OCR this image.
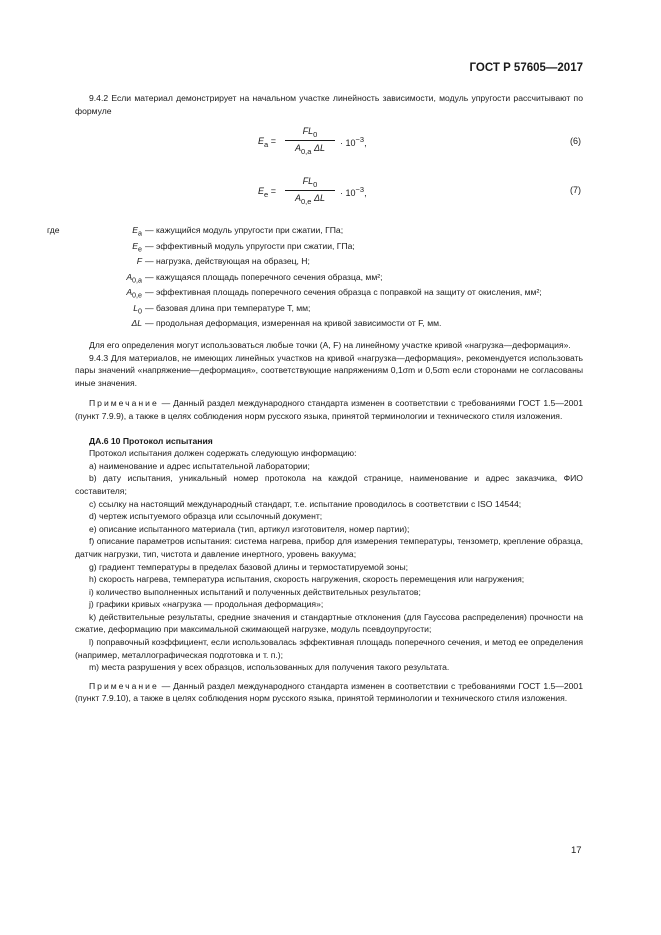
ГОСТ Р 57605—2017

9.4.2 Если материал демонстрирует на начальном участке линейность зависимости, модуль упругости рассчитывают по формуле

$E_a = \frac{FL_0}{A_{0,a} \Delta L} \cdot 10^{-3}$,	(6)
$E_e = \frac{FL_0}{A_{0,e} \Delta L} \cdot 10^{-3}$,	(7)
где	$E_a$ — кажущийся модуль упругости при сжатии, ГПа;
$E_e$ — эффективный модуль упругости при сжатии, ГПа;
F — нагрузка, действующая на образец, Н;
$A_{0,a}$ — кажущаяся площадь поперечного сечения образца, мм²;
$A_{0,e}$ — эффективная площадь поперечного сечения образца с поправкой на защиту от окисления, мм²;
$L_0$ — базовая длина при температуре T, мм;
ΔL — продольная деформация, измеренная на кривой зависимости от F, мм.

Для его определения могут использоваться любые точки (A, F) на линейному участке кривой «нагрузка—деформация».

9.4.3 Для материалов, не имеющих линейных участков на кривой «нагрузка—деформация», рекомендуется использовать пары значений «напряжение—деформация», соответствующие напряжениям 0,1σm и 0,5σm если сторонами не согласованы иные значения.

Примечание — Данный раздел международного стандарта изменен в соответствии с требованиями ГОСТ 1.5—2001 (пункт 7.9.9), а также в целях соблюдения норм русского языка, принятой терминологии и технического стиля изложения.

ДА.6 10 Протокол испытания

Протокол испытания должен содержать следующую информацию:

а) наименование и адрес испытательной лаборатории;

b) дату испытания, уникальный номер протокола на каждой странице, наименование и адрес заказчика, ФИО составителя;

c) ссылку на настоящий международный стандарт, т.е. испытание проводилось в соответствии с ISO 14544;

d) чертеж испытуемого образца или ссылочный документ;

e) описание испытанного материала (тип, артикул изготовителя, номер партии);

f) описание параметров испытания: система нагрева, прибор для измерения температуры, тензометр, крепление образца, датчик нагрузки, тип, чистота и давление инертного, уровень вакуума;

g) градиент температуры в пределах базовой длины и термостатируемой зоны;

h) скорость нагрева, температура испытания, скорость нагружения, скорость перемещения или нагружения;

i) количество выполненных испытаний и полученных действительных результатов;

j) графики кривых «нагрузка — продольная деформация»;

k) действительные результаты, средние значения и стандартные отклонения (для Гауссова распределения) прочности на сжатие, деформацию при максимальной сжимающей нагрузке, модуль псевдоупругости;

l) поправочный коэффициент, если использовалась эффективная площадь поперечного сечения, и метод ее определения (например, металлографическая подготовка и т. п.);

m) места разрушения у всех образцов, использованных для получения такого результата.

Примечание — Данный раздел международного стандарта изменен в соответствии с требованиями ГОСТ 1.5—2001 (пункт 7.9.10), а также в целях соблюдения норм русского языка, принятой терминологии и технического стиля изложения.

17
